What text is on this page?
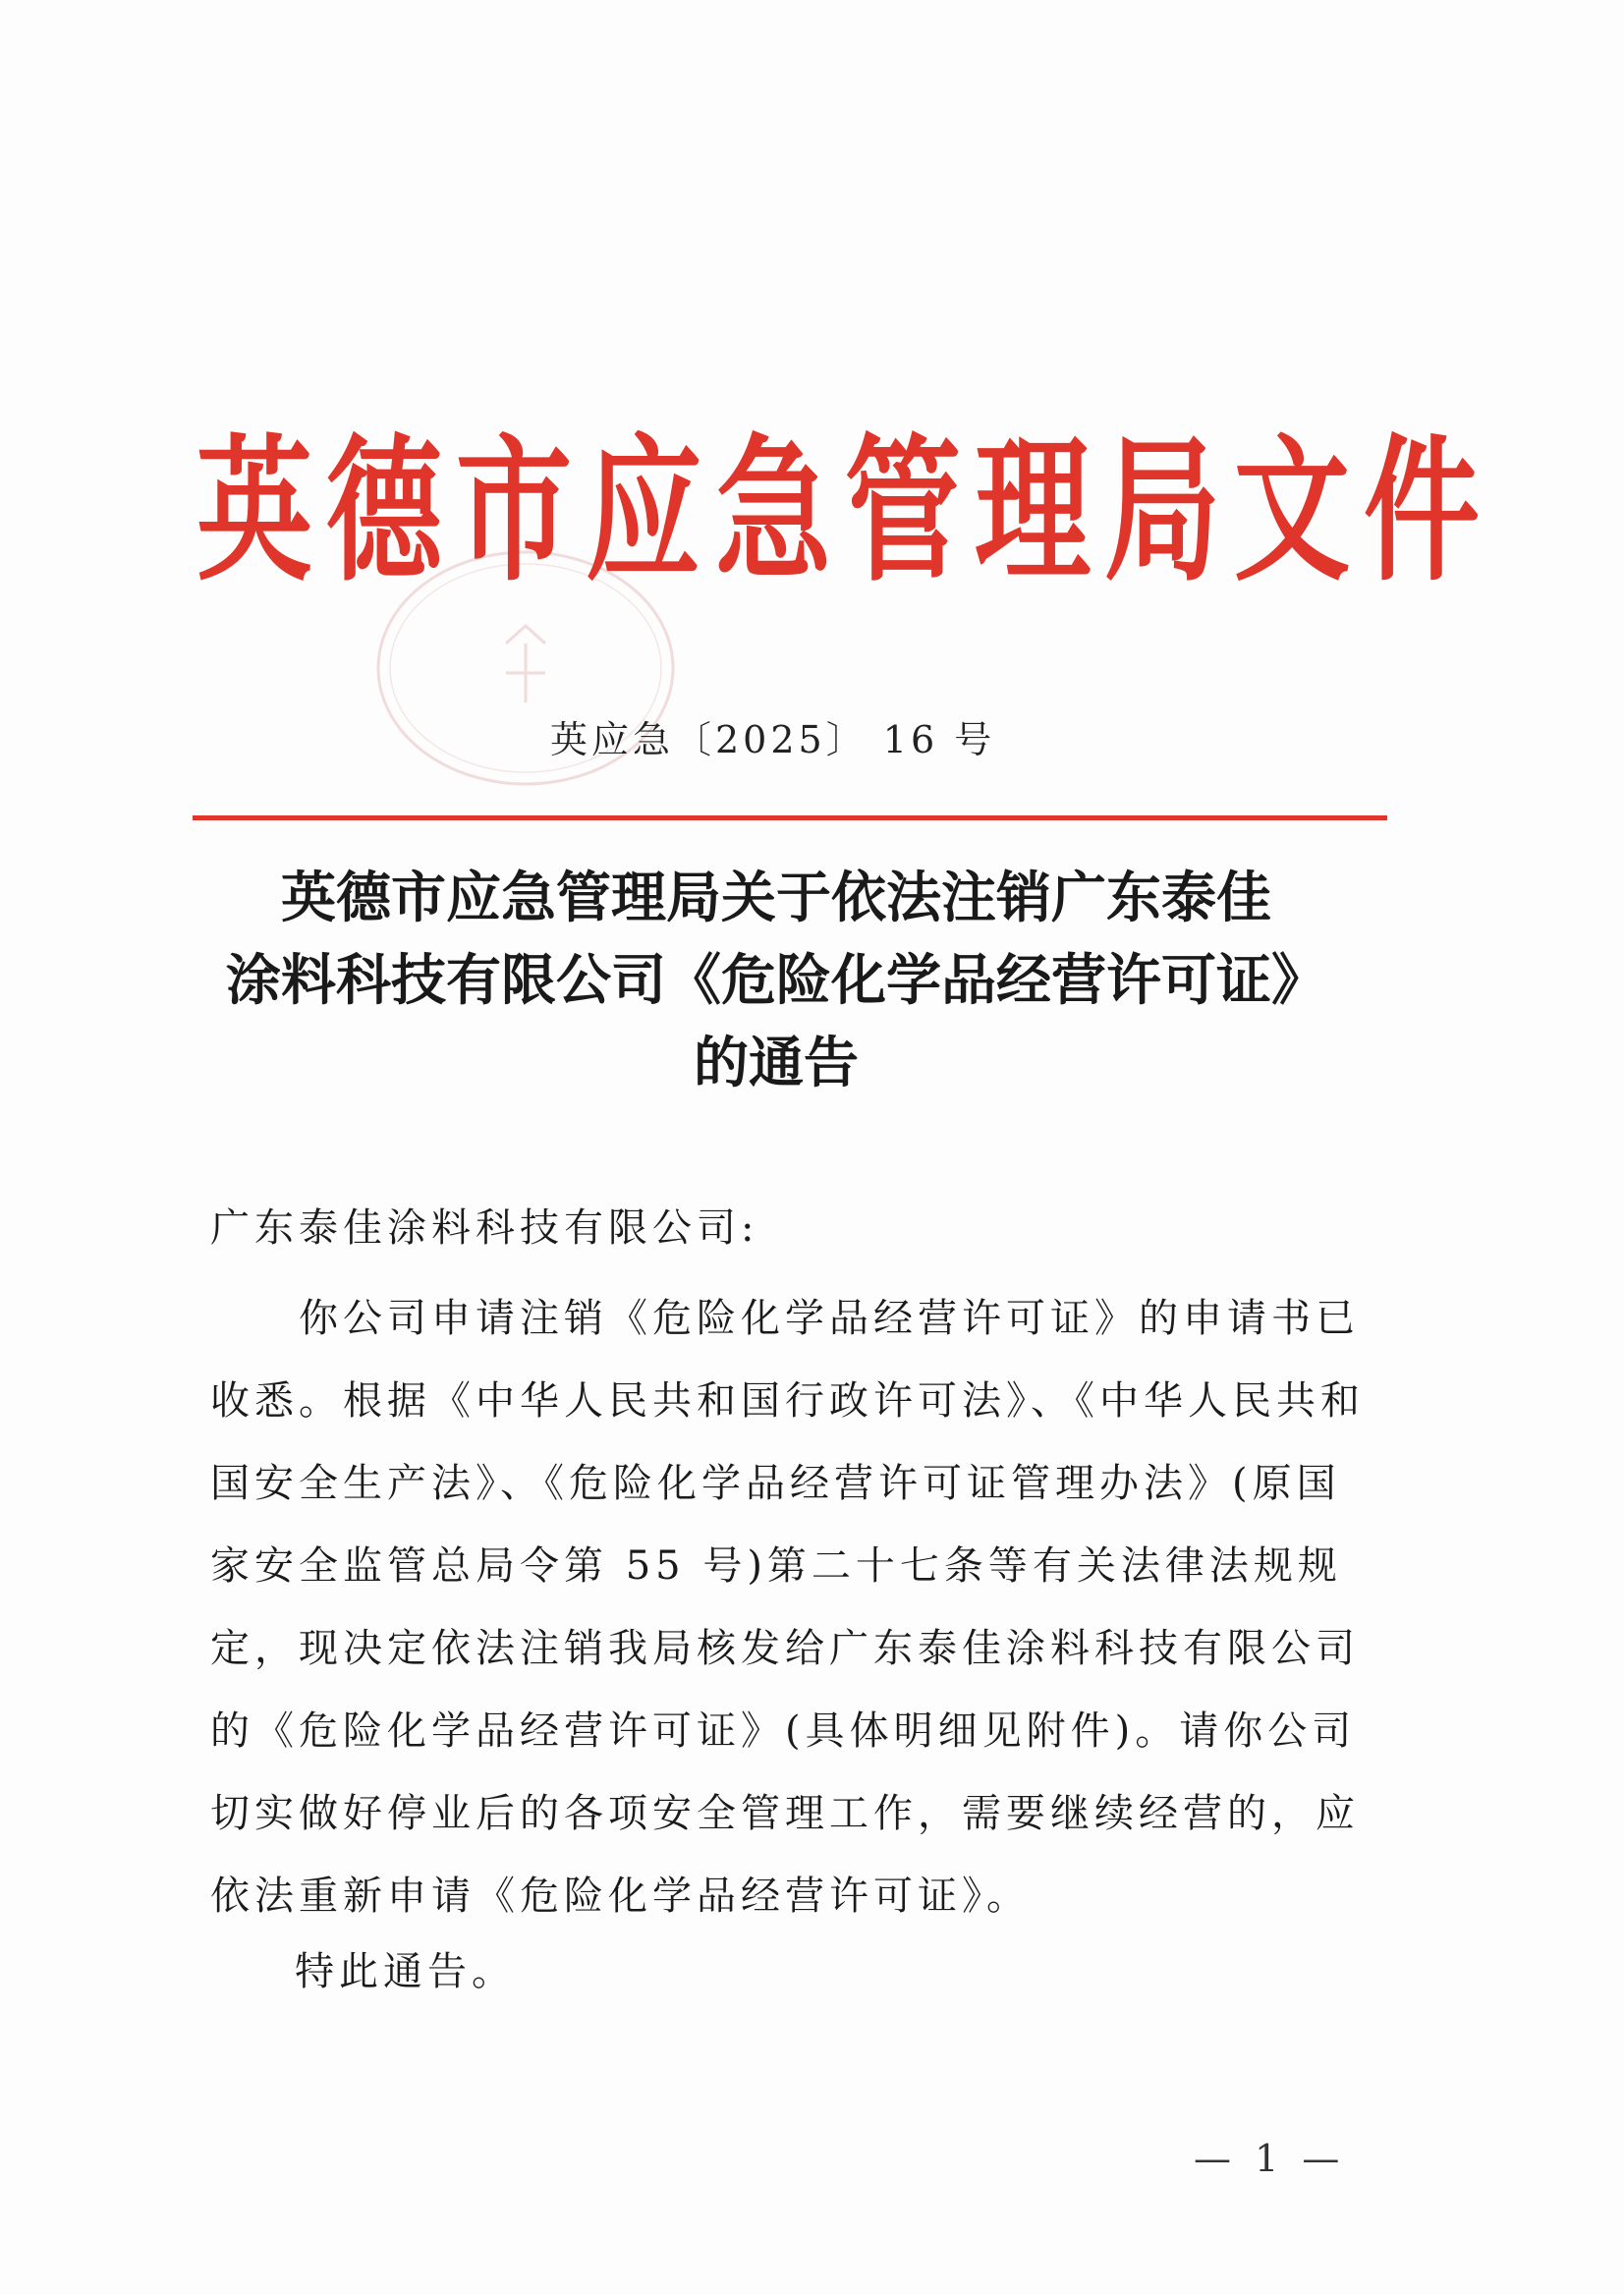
英德市应急管理局文件
英应急〔2025〕 16 号
英德市应急管理局关于依法注销广东泰佳
涂料科技有限公司《危险化学品经营许可证》
的通告
广东泰佳涂料科技有限公司:
　　你公司申请注销《危险化学品经营许可证》的申请书已
收悉。根据《中华人民共和国行政许可法》、《中华人民共和
国安全生产法》、《危险化学品经营许可证管理办法》(原国
家安全监管总局令第 55 号)第二十七条等有关法律法规规
定，现决定依法注销我局核发给广东泰佳涂料科技有限公司
的《危险化学品经营许可证》(具体明细见附件)。请你公司
切实做好停业后的各项安全管理工作，需要继续经营的，应
依法重新申请《危险化学品经营许可证》。
特此通告。
— 1 —
